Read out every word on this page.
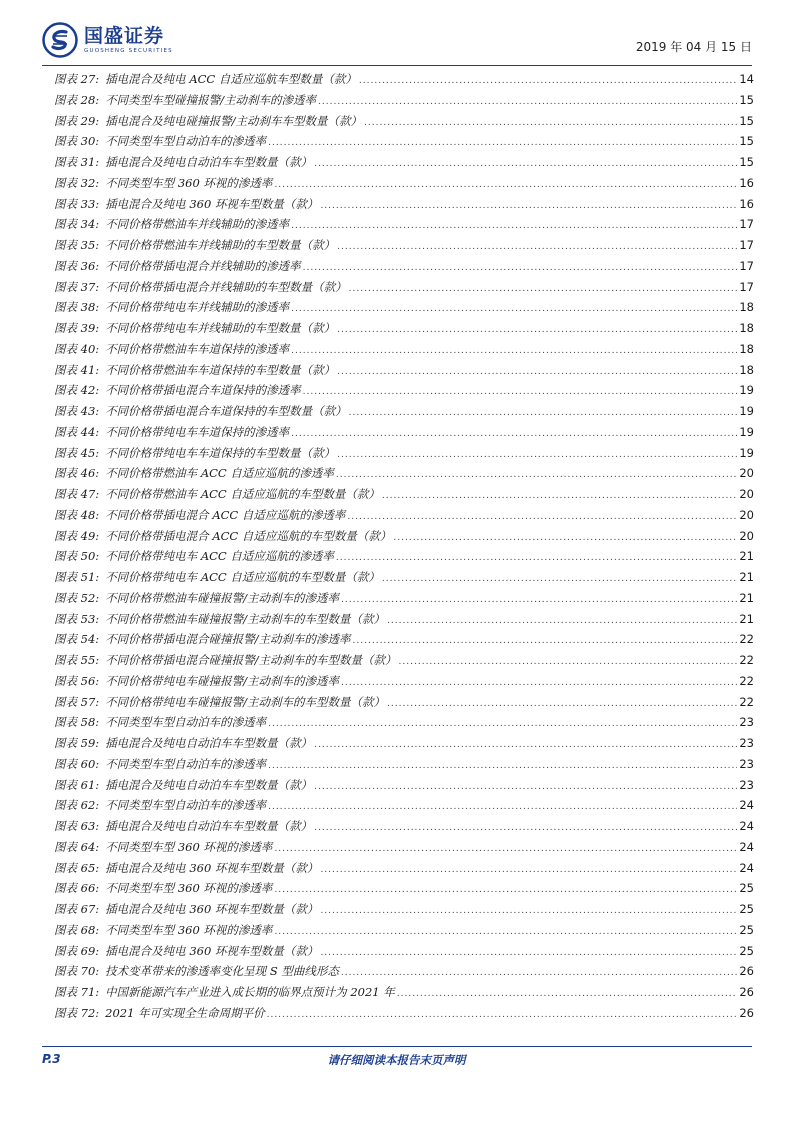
国盛证券
GUOSHENG SECURITIES	2019 年 04 月 15 日
图表 27: 插电混合及纯电 ACC 自适应巡航车型数量（款） .....	14
图表 28: 不同类型车型碰撞报警/主动刹车的渗透率 .....	15
图表 29: 插电混合及纯电碰撞报警/主动刹车车型数量（款） .....	15
图表 30: 不同类型车型自动泊车的渗透率 .....	15
图表 31: 插电混合及纯电自动泊车车型数量（款） .....	15
图表 32: 不同类型车型 360 环视的渗透率 .....	16
图表 33: 插电混合及纯电 360 环视车型数量（款） .....	16
图表 34: 不同价格带燃油车并线辅助的渗透率 .....	17
图表 35: 不同价格带燃油车并线辅助的车型数量（款） .....	17
图表 36: 不同价格带插电混合并线辅助的渗透率 .....	17
图表 37: 不同价格带插电混合并线辅助的车型数量（款） .....	17
图表 38: 不同价格带纯电车并线辅助的渗透率 .....	18
图表 39: 不同价格带纯电车并线辅助的车型数量（款） .....	18
图表 40: 不同价格带燃油车车道保持的渗透率 .....	18
图表 41: 不同价格带燃油车车道保持的车型数量（款） .....	18
图表 42: 不同价格带插电混合车道保持的渗透率 .....	19
图表 43: 不同价格带插电混合车道保持的车型数量（款） .....	19
图表 44: 不同价格带纯电车车道保持的渗透率 .....	19
图表 45: 不同价格带纯电车车道保持的车型数量（款） .....	19
图表 46: 不同价格带燃油车 ACC 自适应巡航的渗透率 .....	20
图表 47: 不同价格带燃油车 ACC 自适应巡航的车型数量（款） .....	20
图表 48: 不同价格带插电混合 ACC 自适应巡航的渗透率 .....	20
图表 49: 不同价格带插电混合 ACC 自适应巡航的车型数量（款） .....	20
图表 50: 不同价格带纯电车 ACC 自适应巡航的渗透率 .....	21
图表 51: 不同价格带纯电车 ACC 自适应巡航的车型数量（款） .....	21
图表 52: 不同价格带燃油车碰撞报警/主动刹车的渗透率 .....	21
图表 53: 不同价格带燃油车碰撞报警/主动刹车的车型数量（款） .....	21
图表 54: 不同价格带插电混合碰撞报警/主动刹车的渗透率 .....	22
图表 55: 不同价格带插电混合碰撞报警/主动刹车的车型数量（款） .....	22
图表 56: 不同价格带纯电车碰撞报警/主动刹车的渗透率 .....	22
图表 57: 不同价格带纯电车碰撞报警/主动刹车的车型数量（款） .....	22
图表 58: 不同类型车型自动泊车的渗透率 .....	23
图表 59: 插电混合及纯电自动泊车车型数量（款） .....	23
图表 60: 不同类型车型自动泊车的渗透率 .....	23
图表 61: 插电混合及纯电自动泊车车型数量（款） .....	23
图表 62: 不同类型车型自动泊车的渗透率 .....	24
图表 63: 插电混合及纯电自动泊车车型数量（款） .....	24
图表 64: 不同类型车型 360 环视的渗透率 .....	24
图表 65: 插电混合及纯电 360 环视车型数量（款） .....	24
图表 66: 不同类型车型 360 环视的渗透率 .....	25
图表 67: 插电混合及纯电 360 环视车型数量（款） .....	25
图表 68: 不同类型车型 360 环视的渗透率 .....	25
图表 69: 插电混合及纯电 360 环视车型数量（款） .....	25
图表 70: 技术变革带来的渗透率变化呈现 S 型曲线形态 .....	26
图表 71: 中国新能源汽车产业进入成长期的临界点预计为 2021 年 .....	26
图表 72: 2021 年可实现全生命周期平价 .....	26
P.3	请仔细阅读本报告末页声明
